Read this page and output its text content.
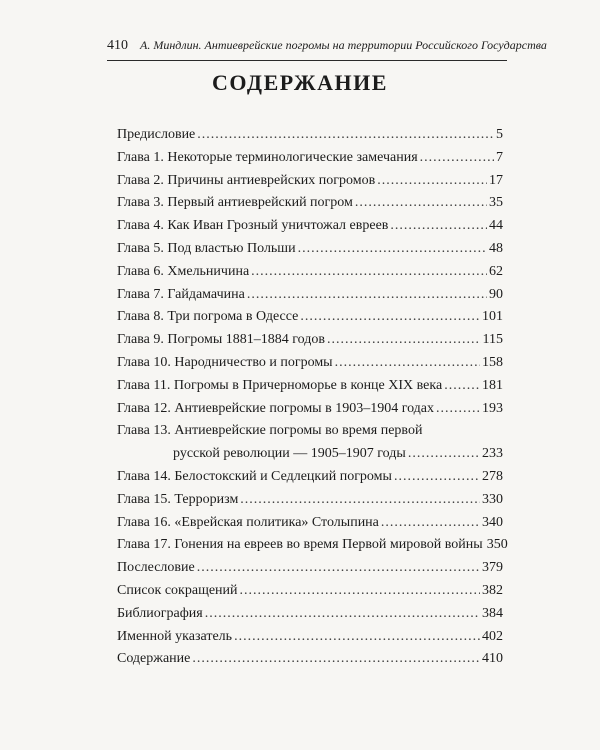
410 А. Миндлин. Антиеврейские погромы на территории Российского Государства
СОДЕРЖАНИЕ
Предисловие .....	5
Глава 1. Некоторые терминологические замечания .....	7
Глава 2. Причины антиеврейских погромов .....	17
Глава 3. Первый антиеврейский погром .....	35
Глава 4. Как Иван Грозный уничтожал евреев .....	44
Глава 5. Под властью Польши .....	48
Глава 6. Хмельничина .....	62
Глава 7. Гайдамачина .....	90
Глава 8. Три погрома в Одессе .....	101
Глава 9. Погромы 1881–1884 годов .....	115
Глава 10. Народничество и погромы .....	158
Глава 11. Погромы в Причерноморье в конце XIX века .....	181
Глава 12. Антиеврейские погромы в 1903–1904 годах .....	193
Глава 13. Антиеврейские погромы во время первой
русской революции — 1905–1907 годы .....	233
Глава 14. Белостокский и Седлецкий погромы .....	278
Глава 15. Терроризм .....	330
Глава 16. «Еврейская политика» Столыпина .....	340
Глава 17. Гонения на евреев во время Первой мировой войны 350
Послесловие .....	379
Список сокращений .....	382
Библиография .....	384
Именной указатель .....	402
Содержание .....	410
